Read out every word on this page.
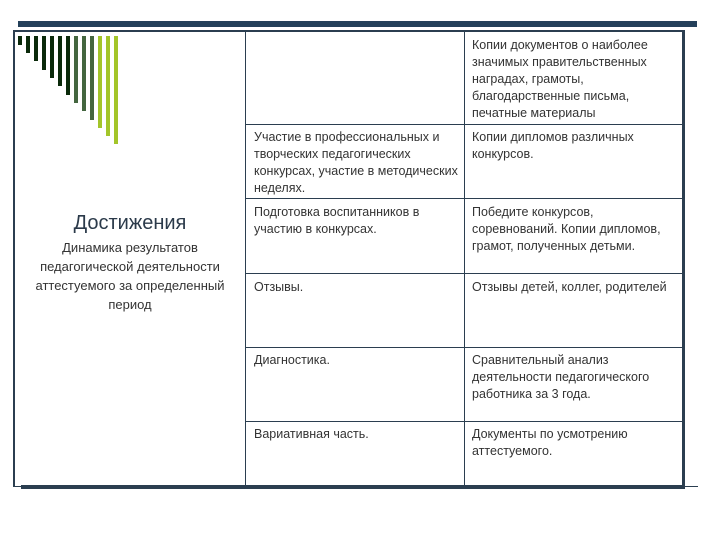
Достижения
Динамика результатов педагогической деятельности аттестуемого за определенный период
Участие в профессиональных и творческих педагогических конкурсах, участие в методических неделях.
Подготовка воспитанников в участию в конкурсах.
Отзывы.
Диагностика.
Вариативная часть.
Копии документов о наиболее значимых правительственных наградах, грамоты, благодарственные письма, печатные материалы
Копии дипломов различных конкурсов.
Победите конкурсов, соревнований. Копии дипломов, грамот, полученных детьми.
Отзывы детей, коллег, родителей
Сравнительный анализ деятельности педагогического работника за 3 года.
Документы по усмотрению аттестуемого.
